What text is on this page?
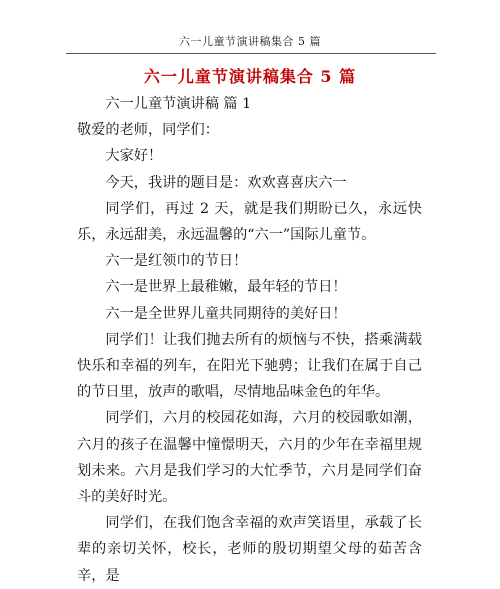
六一儿童节演讲稿集合 5 篇
六一儿童节演讲稿集合 5 篇

六一儿童节演讲稿 篇 1

敬爱的老师，同学们：

大家好！

今天，我讲的题目是：欢欢喜喜庆六一

同学们，再过 2 天，就是我们期盼已久，永远快乐，永远甜美，永远温馨的“六一”国际儿童节。

六一是红领巾的节日！

六一是世界上最稚嫩，最年轻的节日！

六一是全世界儿童共同期待的美好日！

同学们！让我们抛去所有的烦恼与不快，搭乘满载快乐和幸福的列车，在阳光下驰骋；让我们在属于自己的节日里，放声的歌唱，尽情地品味金色的年华。

同学们，六月的校园花如海，六月的校园歌如潮，六月的孩子在温馨中憧憬明天，六月的少年在幸福里规划未来。六月是我们学习的大忙季节，六月是同学们奋斗的美好时光。

同学们，在我们饱含幸福的欢声笑语里，承载了长辈的亲切关怀，校长，老师的殷切期望父母的茹苦含辛，是
